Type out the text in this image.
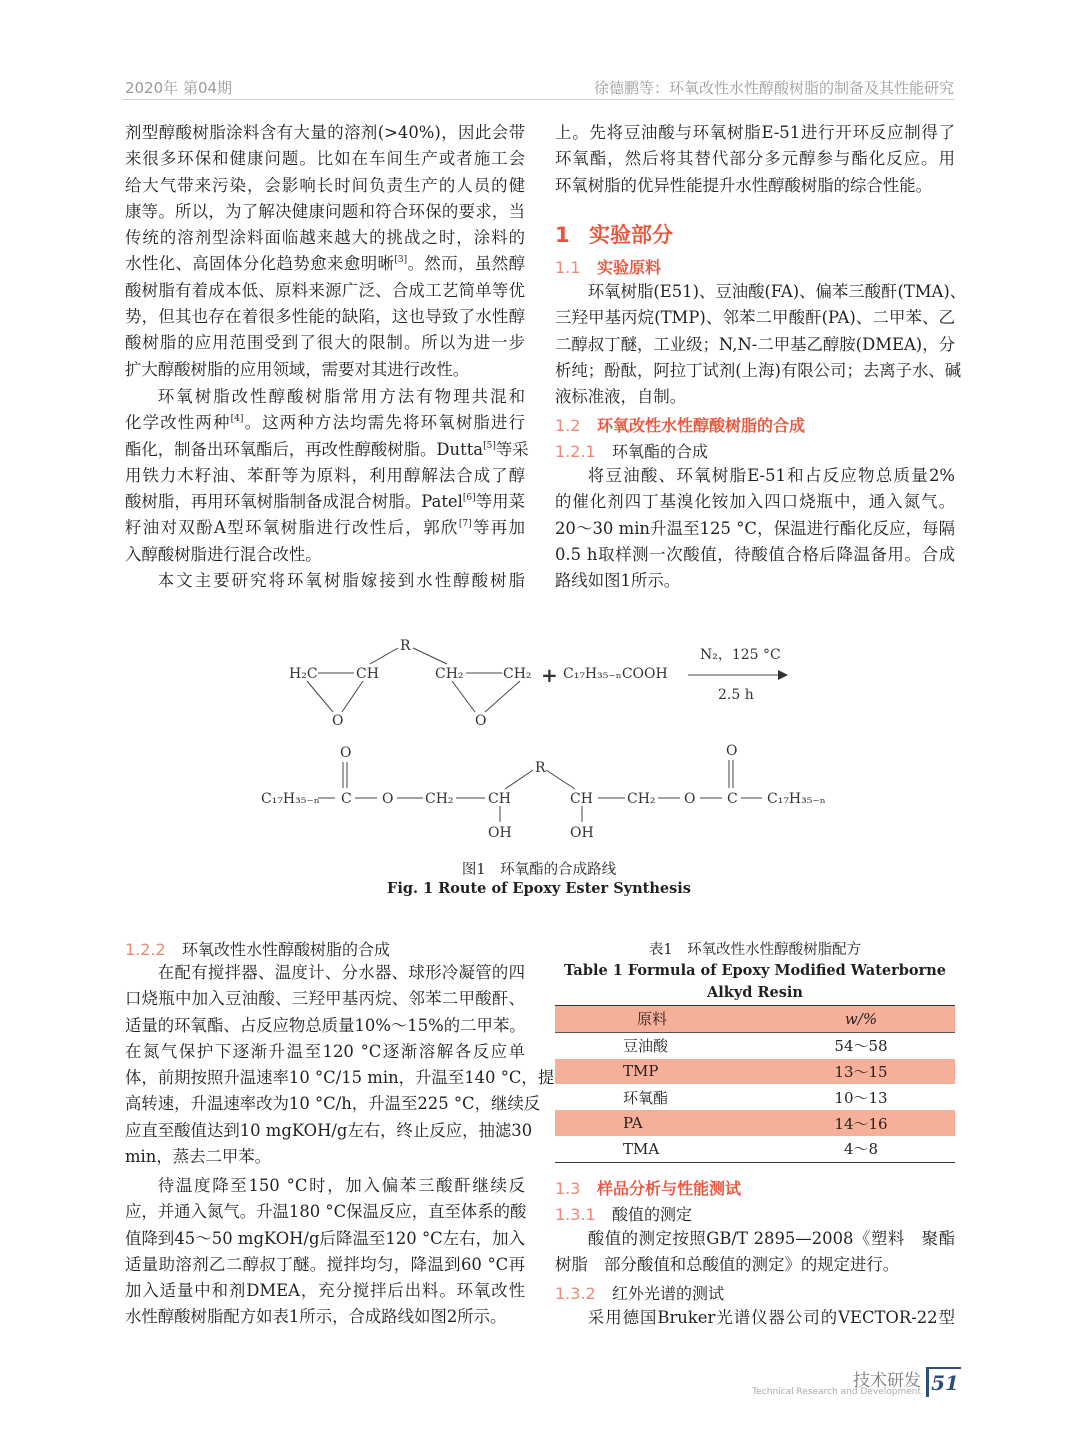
2020年 第04期	徐德鹏等：环氧改性水性醇酸树脂的制备及其性能研究
剂型醇酸树脂涂料含有大量的溶剂(>40%)，因此会带
来很多环保和健康问题。比如在车间生产或者施工会
给大气带来污染，会影响长时间负责生产的人员的健
康等。所以，为了解决健康问题和符合环保的要求，当
传统的溶剂型涂料面临越来越大的挑战之时，涂料的
水性化、高固体分化趋势愈来愈明晰[3]。然而，虽然醇
酸树脂有着成本低、原料来源广泛、合成工艺简单等优
势，但其也存在着很多性能的缺陷，这也导致了水性醇
酸树脂的应用范围受到了很大的限制。所以为进一步
扩大醇酸树脂的应用领域，需要对其进行改性。
环氧树脂改性醇酸树脂常用方法有物理共混和
化学改性两种[4]。这两种方法均需先将环氧树脂进行
酯化，制备出环氧酯后，再改性醇酸树脂。Dutta[5]等采
用铁力木籽油、苯酐等为原料，利用醇解法合成了醇
酸树脂，再用环氧树脂制备成混合树脂。Patel[6]等用菜
籽油对双酚A型环氧树脂进行改性后，郭欣[7]等再加
入醇酸树脂进行混合改性。
本文主要研究将环氧树脂嫁接到水性醇酸树脂
1.2.2 环氧改性水性醇酸树脂的合成
在配有搅拌器、温度计、分水器、球形冷凝管的四
口烧瓶中加入豆油酸、三羟甲基丙烷、邻苯二甲酸酐、
适量的环氧酯、占反应物总质量10%～15%的二甲苯。
在氮气保护下逐渐升温至120 °C逐渐溶解各反应单
体，前期按照升温速率10 °C/15 min，升温至140 °C，提
高转速，升温速率改为10 °C/h，升温至225 °C，继续反
应直至酸值达到10 mgKOH/g左右，终止反应，抽滤30
min，蒸去二甲苯。
待温度降至150 °C时，加入偏苯三酸酐继续反
应，并通入氮气。升温180 °C保温反应，直至体系的酸
值降到45～50 mgKOH/g后降温至120 °C左右，加入
适量助溶剂乙二醇叔丁醚。搅拌均匀，降温到60 °C再
加入适量中和剂DMEA，充分搅拌后出料。环氧改性
水性醇酸树脂配方如表1所示，合成路线如图2所示。
上。先将豆油酸与环氧树脂E-51进行开环反应制得了
环氧酯，然后将其替代部分多元醇参与酯化反应。用
环氧树脂的优异性能提升水性醇酸树脂的综合性能。
1 实验部分
1.1 实验原料
环氧树脂(E51)、豆油酸(FA)、偏苯三酸酐(TMA)、
三羟甲基丙烷(TMP)、邻苯二甲酸酐(PA)、二甲苯、乙
二醇叔丁醚，工业级；N,N-二甲基乙醇胺(DMEA)，分
析纯；酚酞，阿拉丁试剂(上海)有限公司；去离子水、碱
液标准液，自制。
1.2 环氧改性水性醇酸树脂的合成
1.2.1 环氧酯的合成
将豆油酸、环氧树脂E-51和占反应物总质量2%
的催化剂四丁基溴化铵加入四口烧瓶中，通入氮气。
20～30 min升温至125 °C，保温进行酯化反应，每隔
0.5 h取样测一次酸值，待酸值合格后降温备用。合成
路线如图1所示。
R
H₂C	CH	CH₂	CH₂
O	O
+ C₁₇H₃₅₋ₙCOOH
N₂，125 °C
2.5 h
O	O
R
C₁₇H₃₅₋ₙ C O CH₂ CH	CH CH₂ O C C₁₇H₃₅₋ₙ
OH	OH
图1　环氧酯的合成路线
Fig. 1 Route of Epoxy Ester Synthesis
表1　环氧改性水性醇酸树脂配方
Table 1 Formula of Epoxy Modified Waterborne Alkyd Resin
原料	w/%
豆油酸	54～58
TMP	13～15
环氧酯	10～13
PA	14～16
TMA	4～8
1.3 样品分析与性能测试
1.3.1 酸值的测定
酸值的测定按照GB/T 2895—2008《塑料　聚酯
树脂　部分酸值和总酸值的测定》的规定进行。
1.3.2 红外光谱的测试
采用德国Bruker光谱仪器公司的VECTOR-22型
技术研发
Technical Research and Development 51
